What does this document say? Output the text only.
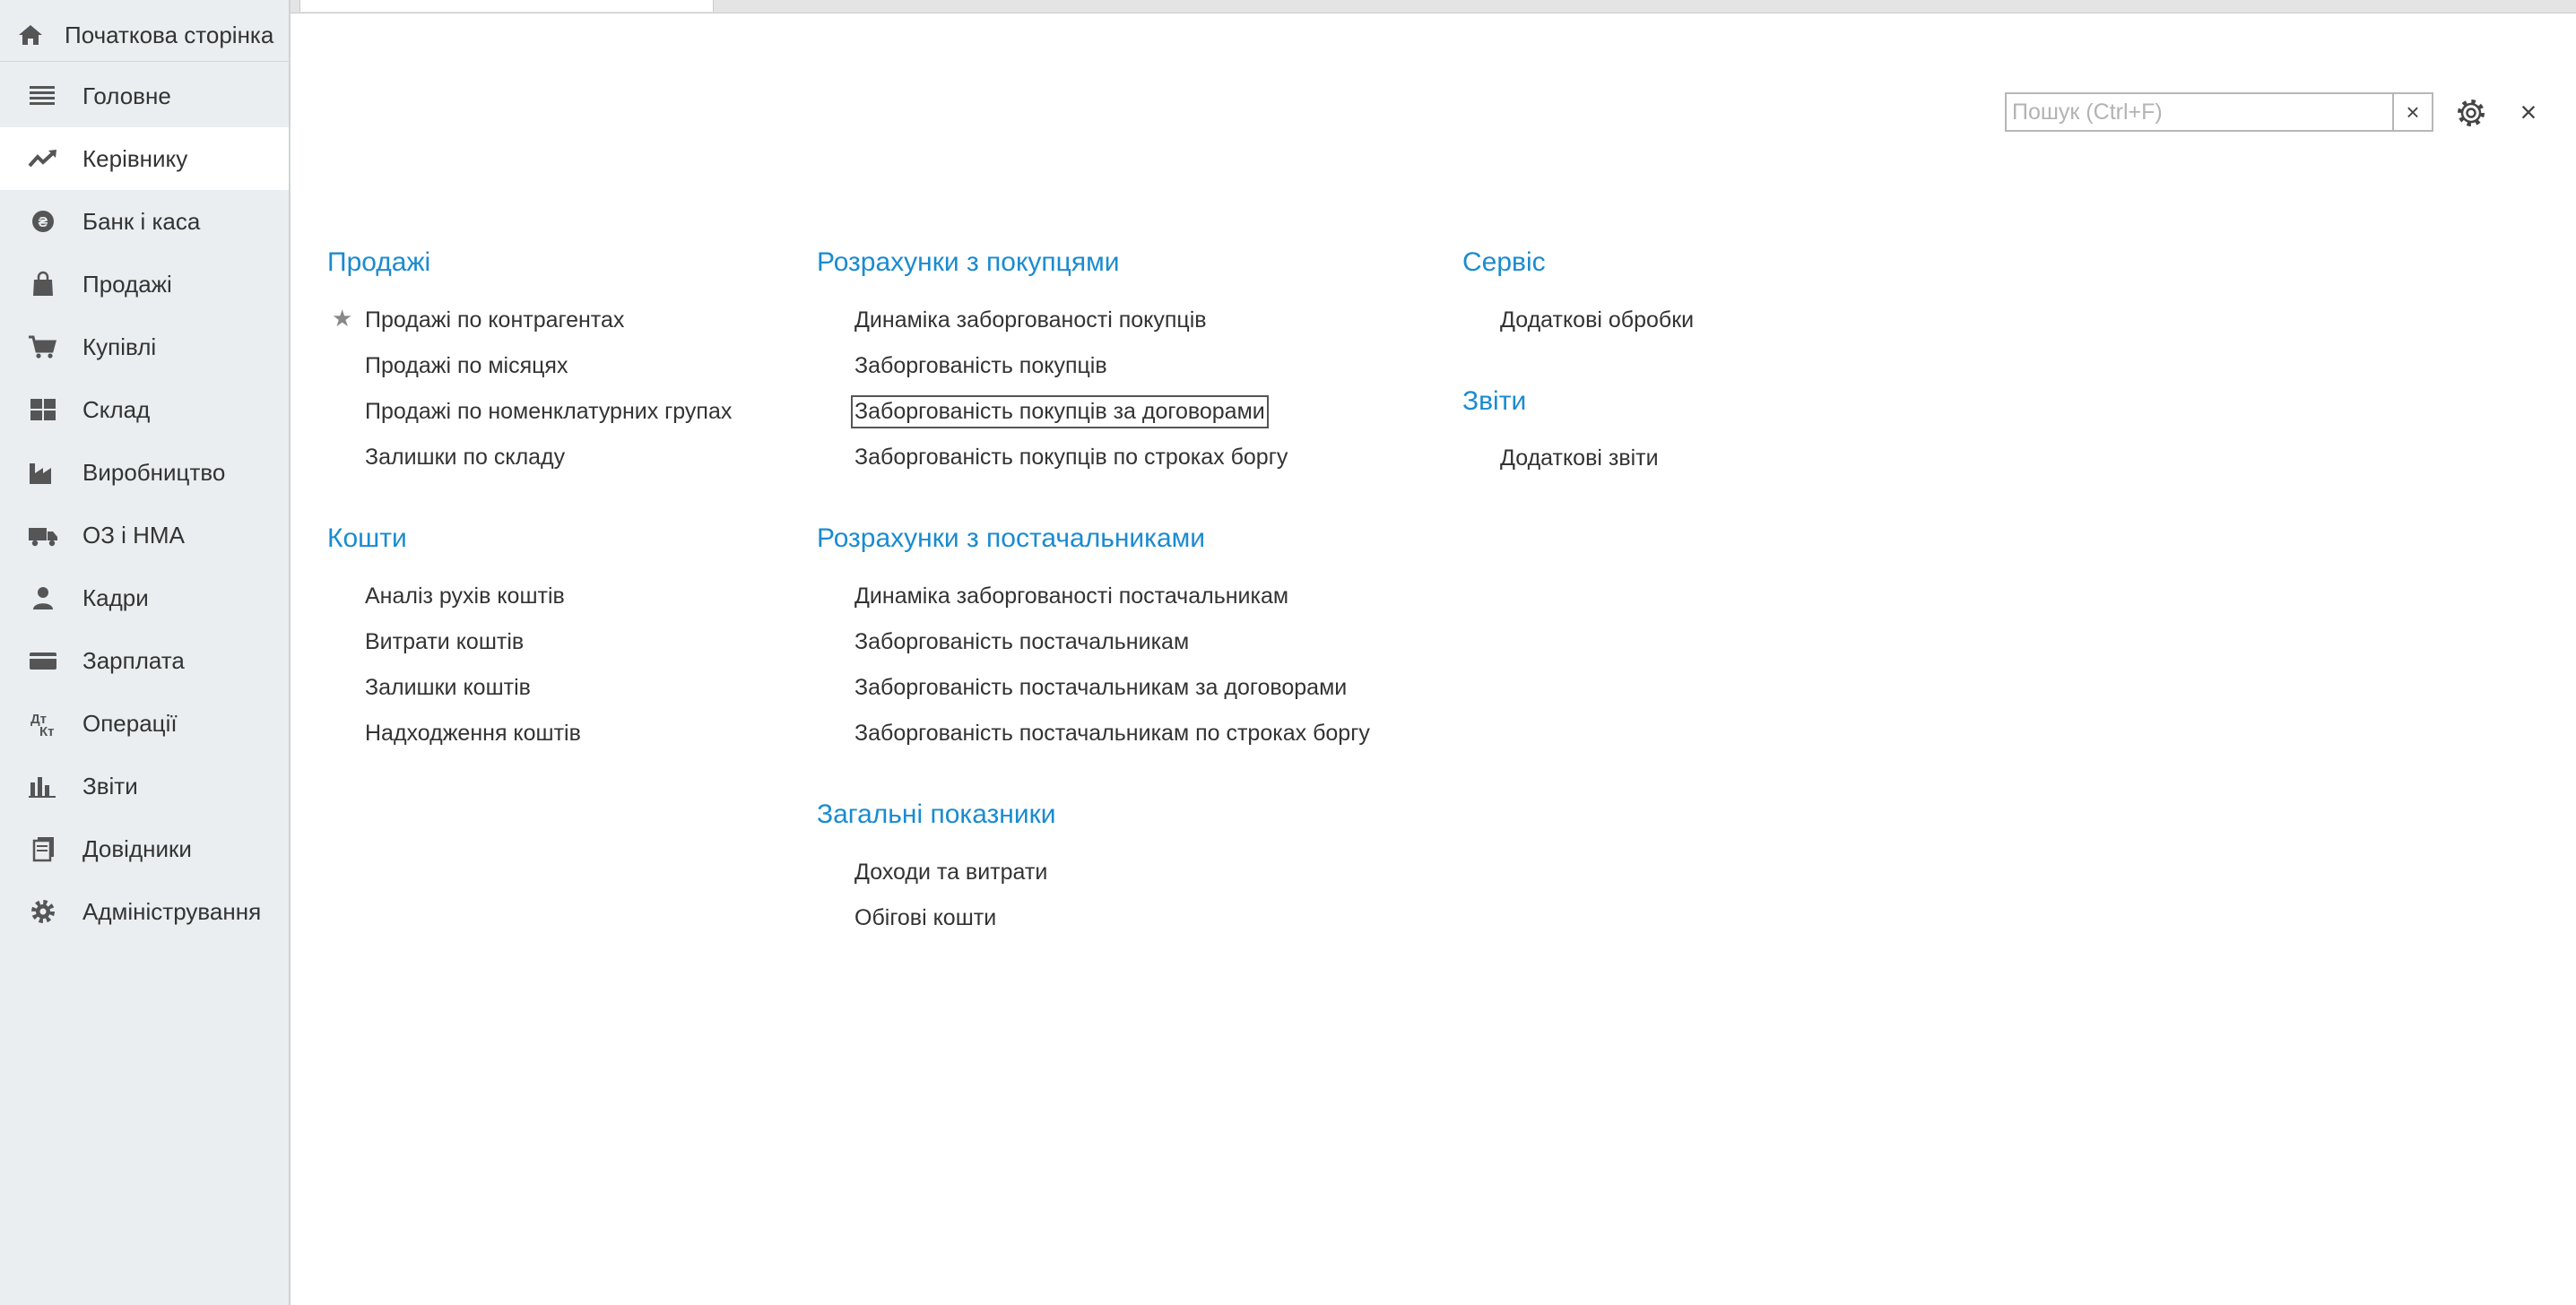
Початкова сторінка
Головне
Керівнику
₴ Банк і каса
Продажі
Купівлі
Склад
Виробництво
ОЗ і НМА
Кадри
Зарплата
Дт
Кт Операції
Звіти
Довідники
Адміністрування
Пошук (Ctrl+F)
×	×
Продажі
★ Продажі по контрагентах
Продажі по місяцях
Продажі по номенклатурних групах
Залишки по складу
Кошти
Аналіз рухів коштів
Витрати коштів
Залишки коштів
Надходження коштів
Розрахунки з покупцями
Динаміка заборгованості покупців
Заборгованість покупців
Заборгованість покупців за договорами
Заборгованість покупців по строках боргу
Розрахунки з постачальниками
Динаміка заборгованості постачальникам
Заборгованість постачальникам
Заборгованість постачальникам за договорами
Заборгованість постачальникам по строках боргу
Загальні показники
Доходи та витрати
Обігові кошти
Сервіс
Додаткові обробки
Звіти
Додаткові звіти
